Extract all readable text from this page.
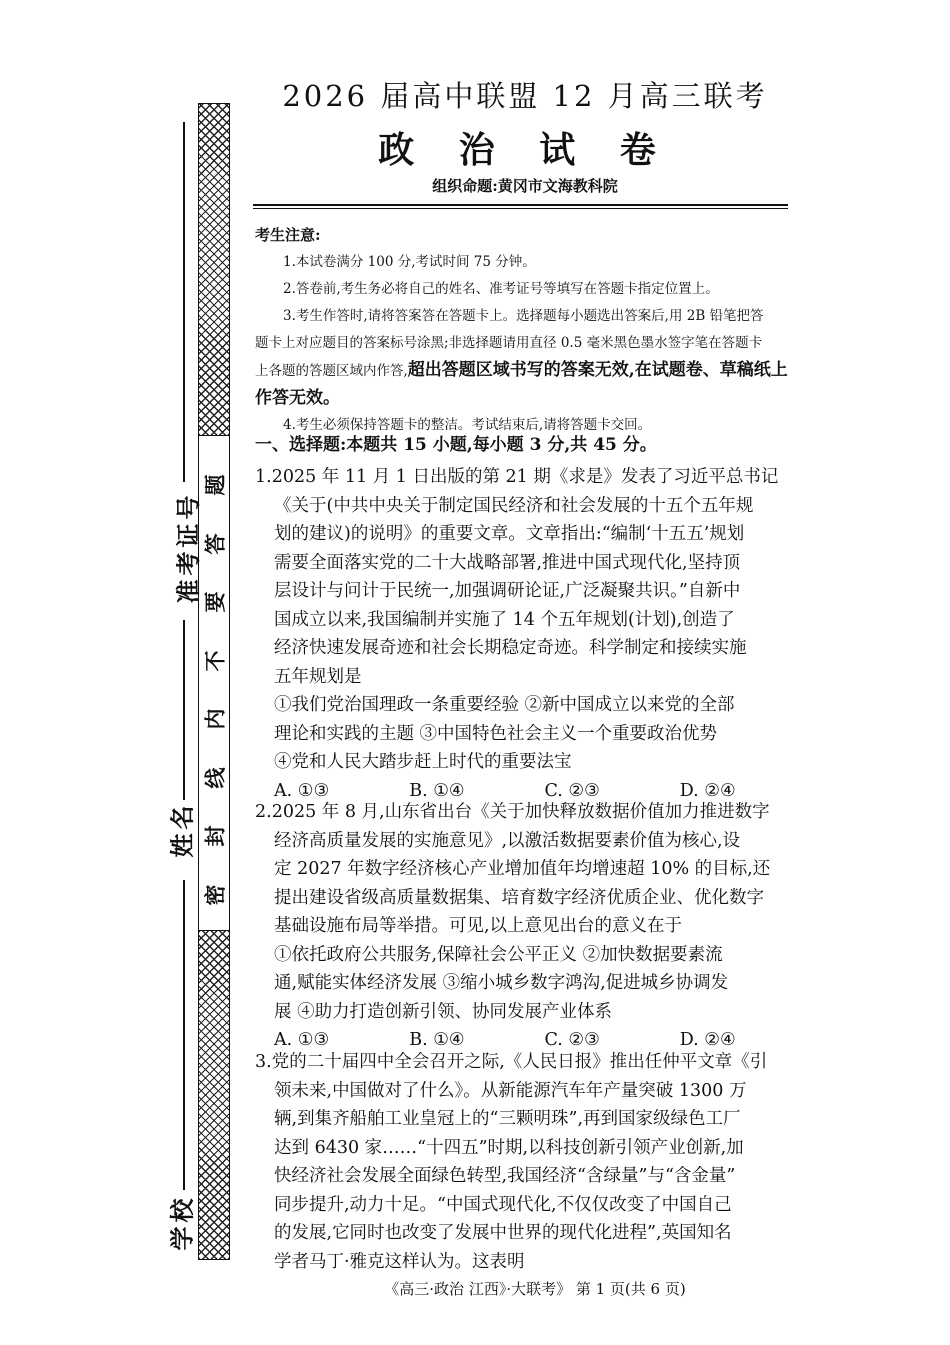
题
答
要
不
内
线
封
密
准考证号
姓名
学校
2026 届高中联盟 12 月高三联考
政 治 试 卷
组织命题:黄冈市文海教科院
考生注意:
1.本试卷满分 100 分,考试时间 75 分钟。
2.答卷前,考生务必将自己的姓名、准考证号等填写在答题卡指定位置上。
3.考生作答时,请将答案答在答题卡上。选择题每小题选出答案后,用 2B 铅笔把答
题卡上对应题目的答案标号涂黑;非选择题请用直径 0.5 毫米黑色墨水签字笔在答题卡
上各题的答题区域内作答,超出答题区域书写的答案无效,在试题卷、草稿纸上
作答无效。
4.考生必须保持答题卡的整洁。考试结束后,请将答题卡交回。
一、选择题:本题共 15 小题,每小题 3 分,共 45 分。
1.2025 年 11 月 1 日出版的第 21 期《求是》发表了习近平总书记
《关于(中共中央关于制定国民经济和社会发展的十五个五年规
划的建议)的说明》的重要文章。文章指出:“编制‘十五五’规划
需要全面落实党的二十大战略部署,推进中国式现代化,坚持顶
层设计与问计于民统一,加强调研论证,广泛凝聚共识。”自新中
国成立以来,我国编制并实施了 14 个五年规划(计划),创造了
经济快速发展奇迹和社会长期稳定奇迹。科学制定和接续实施
五年规划是
①我们党治国理政一条重要经验 ②新中国成立以来党的全部
理论和实践的主题 ③中国特色社会主义一个重要政治优势
④党和人民大踏步赶上时代的重要法宝
A. ①③	B. ①④	C. ②③	D. ②④
2.2025 年 8 月,山东省出台《关于加快释放数据价值加力推进数字
经济高质量发展的实施意见》,以激活数据要素价值为核心,设
定 2027 年数字经济核心产业增加值年均增速超 10% 的目标,还
提出建设省级高质量数据集、培育数字经济优质企业、优化数字
基础设施布局等举措。可见,以上意见出台的意义在于
①依托政府公共服务,保障社会公平正义 ②加快数据要素流
通,赋能实体经济发展 ③缩小城乡数字鸿沟,促进城乡协调发
展 ④助力打造创新引领、协同发展产业体系
A. ①③	B. ①④	C. ②③	D. ②④
3.党的二十届四中全会召开之际,《人民日报》推出任仲平文章《引
领未来,中国做对了什么》。从新能源汽车年产量突破 1300 万
辆,到集齐船舶工业皇冠上的“三颗明珠”,再到国家级绿色工厂
达到 6430 家……“十四五”时期,以科技创新引领产业创新,加
快经济社会发展全面绿色转型,我国经济“含绿量”与“含金量”
同步提升,动力十足。“中国式现代化,不仅仅改变了中国自己
的发展,它同时也改变了发展中世界的现代化进程”,英国知名
学者马丁·雅克这样认为。这表明
《高三·政治 江西》·大联考》 第 1 页(共 6 页)
